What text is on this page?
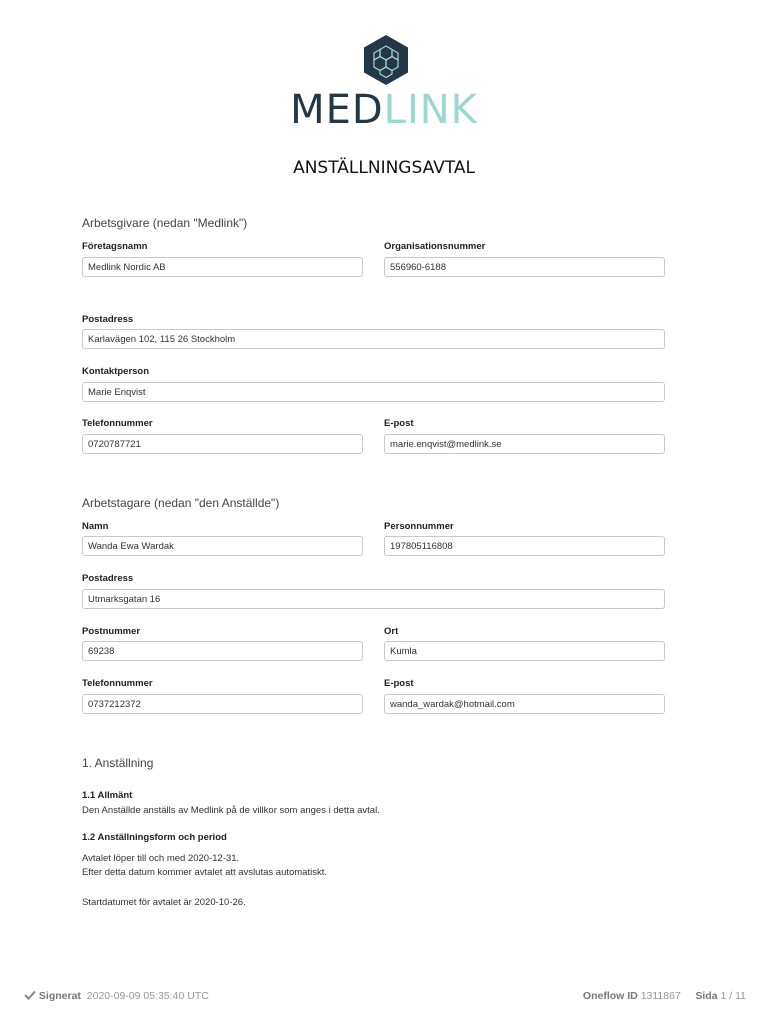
MEDLINK
ANSTÄLLNINGSAVTAL
Arbetsgivare (nedan "Medlink")
Företagsnamn
Medlink Nordic AB
Organisationsnummer
556960-6188
Postadress
Karlavägen 102, 115 26 Stockholm
Kontaktperson
Marie Enqvist
Telefonnummer
0720787721
E-post
marie.enqvist@medlink.se
Arbetstagare (nedan "den Anställde")
Namn
Wanda Ewa Wardak
Personnummer
197805116808
Postadress
Utmarksgatan 16
Postnummer
69238
Ort
Kumla
Telefonnummer
0737212372
E-post
wanda_wardak@hotmail.com
1. Anställning
1.1 Allmänt
Den Anställde anställs av Medlink på de villkor som anges i detta avtal.
1.2 Anställningsform och period
Avtalet löper till och med 2020-12-31.
Efter detta datum kommer avtalet att avslutas automatiskt.
Startdatumet för avtalet är 2020-10-26.
Signerat 2020-09-09 05:35:40 UTC	Oneflow ID 1311867 Sida 1 / 11
